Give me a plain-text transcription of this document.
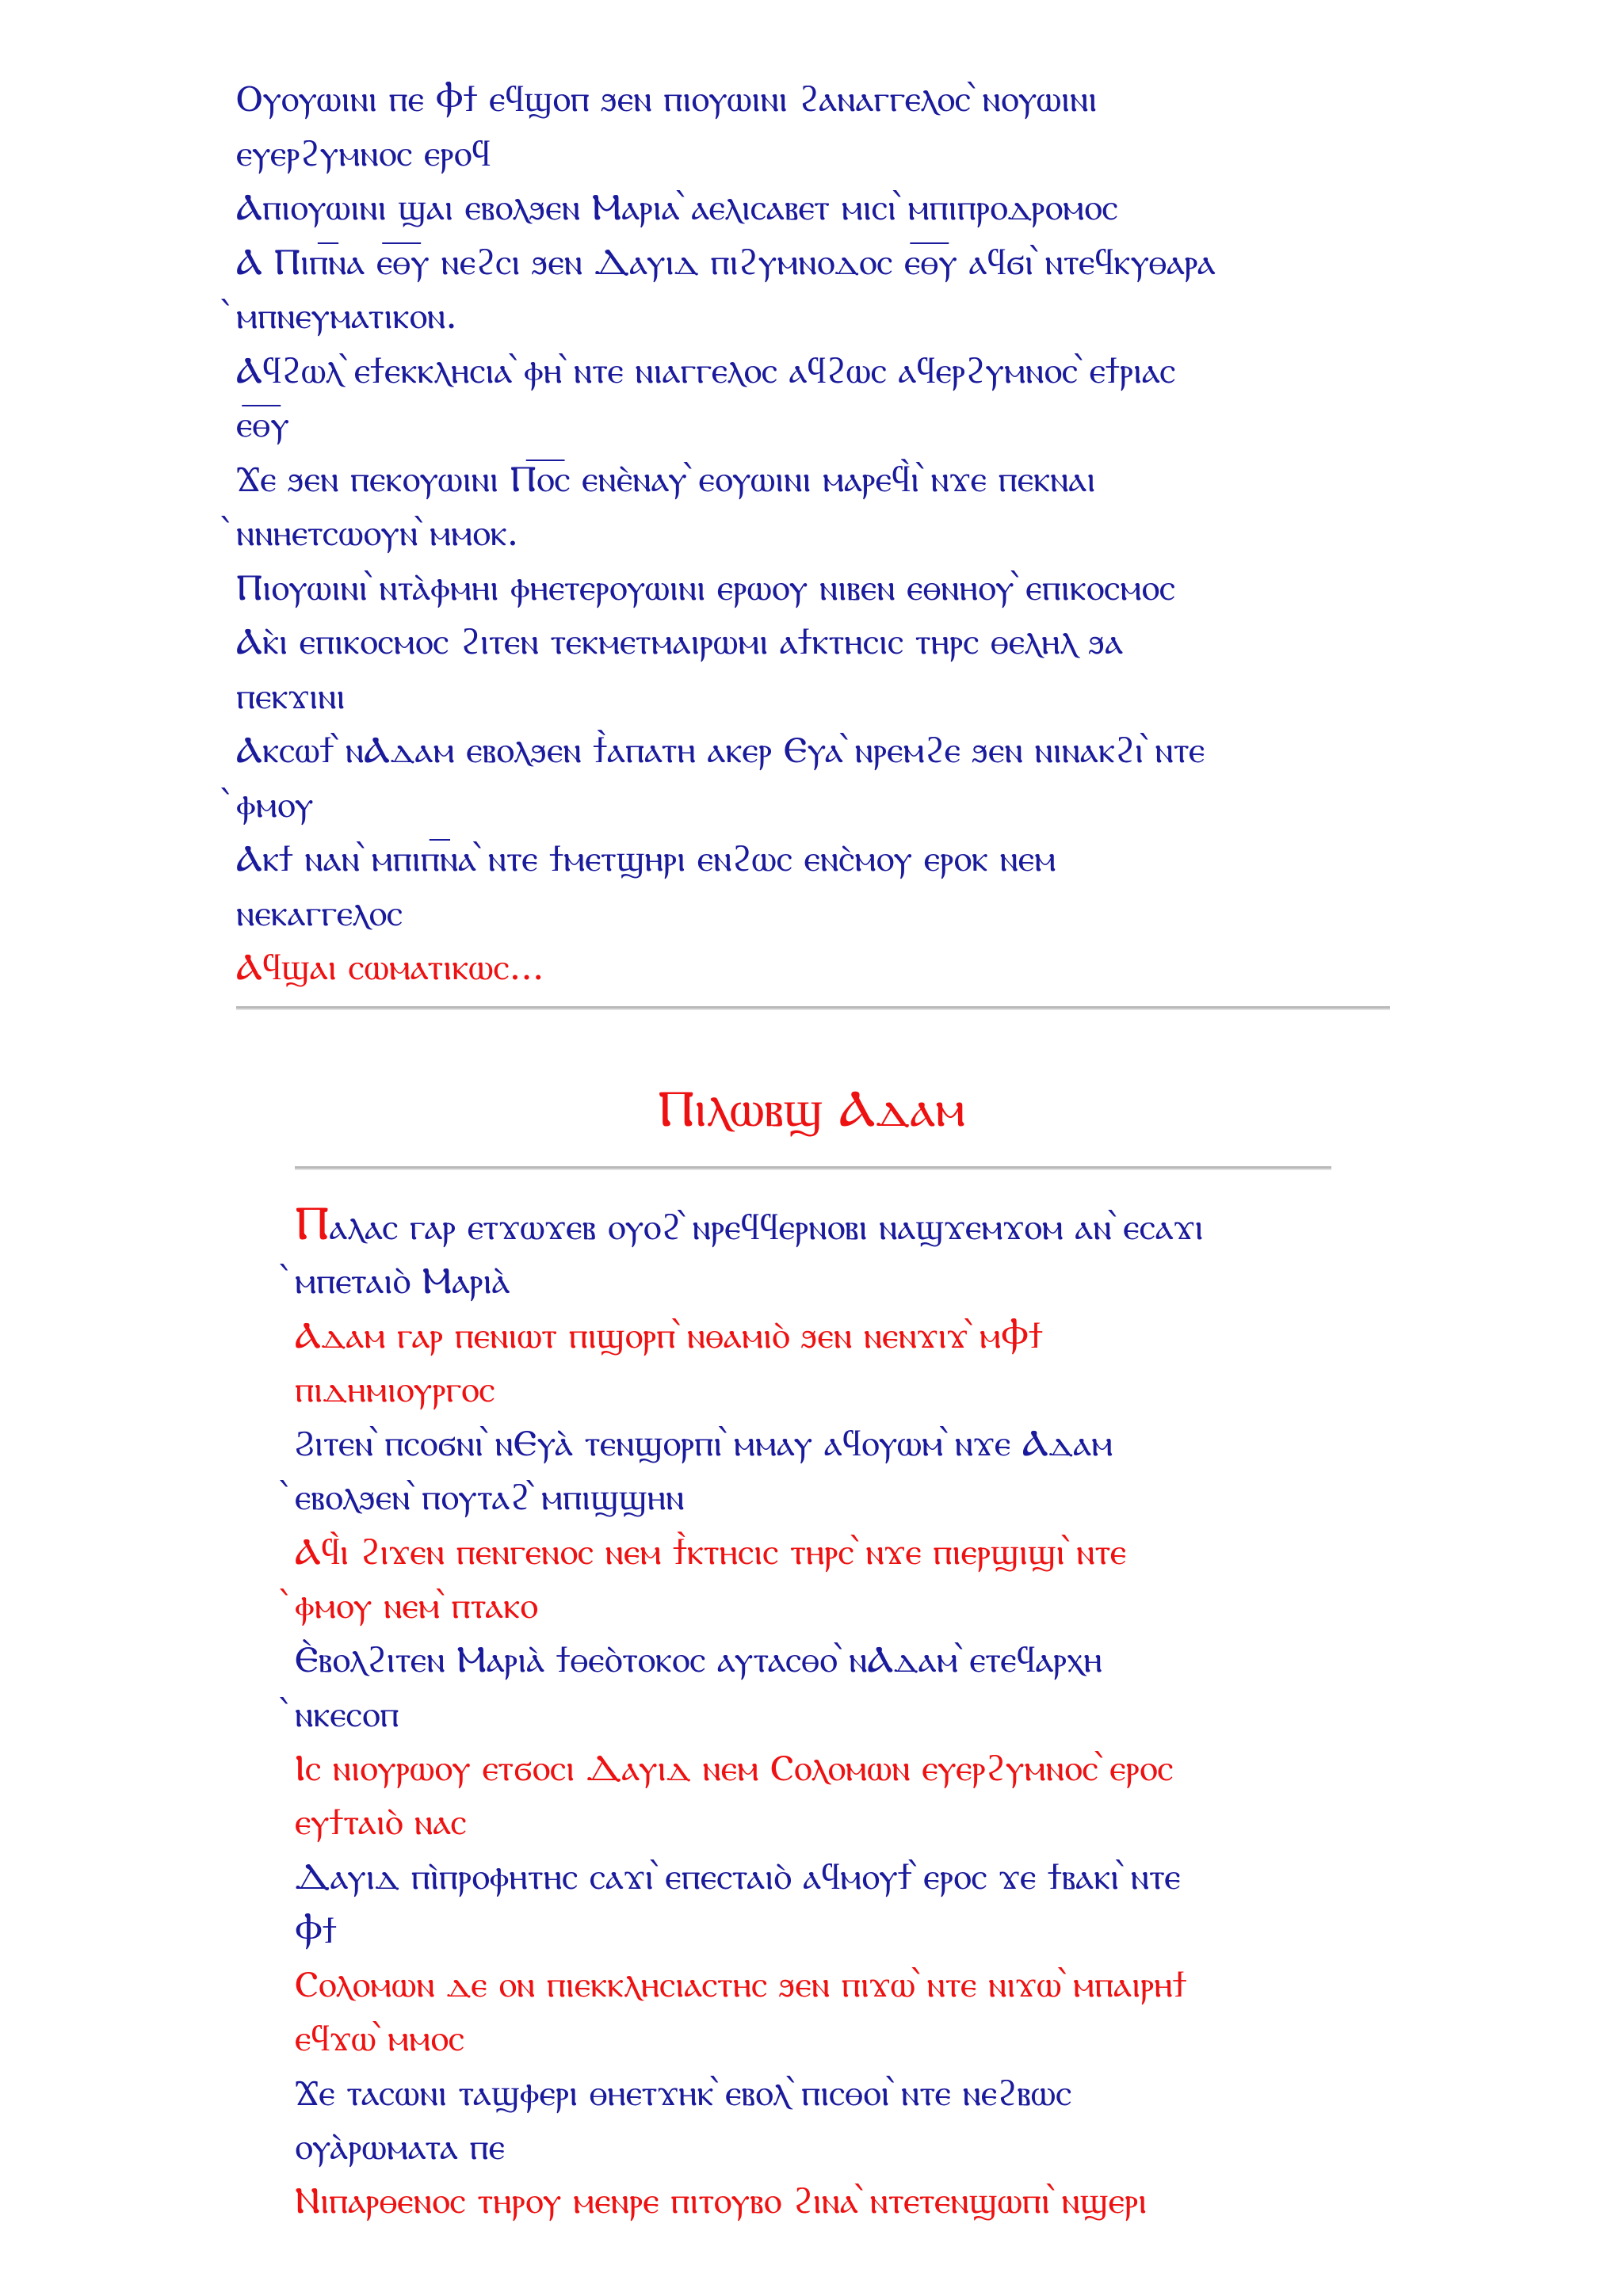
Ⲟⲩⲟⲩⲱⲓⲛⲓ ⲡⲉ Ⲫϯ ⲉϥϣⲟⲡ ϧⲉⲛ ⲡⲓⲟⲩⲱⲓⲛⲓ ϩⲁⲛⲁⲅⲅⲉⲗⲟⲥ ̀ⲛⲟⲩⲱⲓⲛⲓ
ⲉⲩⲉⲣϩⲩⲙⲛⲟⲥ ⲉⲣⲟϥ
Ⲁⲡⲓⲟⲩⲱⲓⲛⲓ ϣⲁⲓ ⲉⲃⲟⲗϧⲉⲛ Ⲙⲁⲣⲓⲁ ̀ⲁⲉⲗⲓⲥⲁⲃⲉⲧ ⲙⲓⲥⲓ ̀ⲙⲡⲓⲡⲣⲟⲇⲣⲟⲙⲟⲥ
Ⲁ Ⲡⲓⲡ͞ⲛⲁ ⲉ͞ⲑ͞ⲩ ⲛⲉϩⲥⲓ ϧⲉⲛ Ⲇⲁⲩⲓⲇ ⲡⲓϩⲩⲙⲛⲟⲇⲟⲥ ⲉ͞ⲑ͞ⲩ ⲁϥϭⲓ ̀ⲛⲧⲉϥⲕⲩⲑⲁⲣⲁ
̀ⲙⲡⲛⲉⲩⲙⲁⲧⲓⲕⲟⲛ.
Ⲁϥϩⲱⲗ ̀ⲉϯⲉⲕⲕⲗⲏⲥⲓⲁ ̀ⲫⲏ ̀ⲛⲧⲉ ⲛⲓⲁⲅⲅⲉⲗⲟⲥ ⲁϥϩⲱⲥ ⲁϥⲉⲣϩⲩⲙⲛⲟⲥ ̀ⲉϯⲣⲓⲁⲥ
ⲉ͞ⲑ͞ⲩ
Ϫⲉ ϧⲉⲛ ⲡⲉⲕⲟⲩⲱⲓⲛⲓ Ⲡ͞ⲟ͞ⲥ ⲉⲛⲉ̀ⲛⲁⲩ ̀ⲉⲟⲩⲱⲓⲛⲓ ⲙⲁⲣⲉϥ̀ⲓ ̀ⲛϫⲉ ⲡⲉⲕⲛⲁⲓ
̀ⲛⲛⲏⲉⲧⲥⲱⲟⲩⲛ ̀ⲙⲙⲟⲕ.
Ⲡⲓⲟⲩⲱⲓⲛⲓ ̀ⲛⲧⲁ̀ⲫⲙⲏⲓ ⲫⲏⲉⲧⲉⲣⲟⲩⲱⲓⲛⲓ ⲉⲣⲱⲟⲩ ⲛⲓⲃⲉⲛ ⲉⲑⲛⲏⲟⲩ ̀ⲉⲡⲓⲕⲟⲥⲙⲟⲥ
Ⲁⲕ̀ⲓ ⲉⲡⲓⲕⲟⲥⲙⲟⲥ ϩⲓⲧⲉⲛ ⲧⲉⲕⲙⲉⲧⲙⲁⲓⲣⲱⲙⲓ ⲁϯⲕⲧⲏⲥⲓⲥ ⲧⲏⲣⲥ ⲑⲉⲗⲏⲗ ϧⲁ
ⲡⲉⲕϫⲓⲛⲓ
Ⲁⲕⲥⲱϯ ̀ⲛⲀⲇⲁⲙ ⲉⲃⲟⲗϧⲉⲛ ϯ̀ⲁⲡⲁⲧⲏ ⲁⲕⲉⲣ Ⲉⲩⲁ ̀ⲛⲣⲉⲙϩⲉ ϧⲉⲛ ⲛⲓⲛⲁⲕϩⲓ ̀ⲛⲧⲉ
̀ⲫⲙⲟⲩ
Ⲁⲕϯ ⲛⲁⲛ ̀ⲙⲡⲓⲡ͞ⲛⲁ ̀ⲛⲧⲉ ϯⲙⲉⲧϣⲏⲣⲓ ⲉⲛϩⲱⲥ ⲉⲛⲥ̀ⲙⲟⲩ ⲉⲣⲟⲕ ⲛⲉⲙ
ⲛⲉⲕⲁⲅⲅⲉⲗⲟⲥ
Ⲁϥϣⲁⲓ ⲥⲱⲙⲁⲧⲓⲕⲱⲥ...
Ⲡⲓⲗⲱⲃϣ Ⲁⲇⲁⲙ
Ⲡⲁⲗⲁⲥ ⲅⲁⲣ ⲉⲧϫⲱϫⲉⲃ ⲟⲩⲟϩ ̀ⲛⲣⲉϥϥⲉⲣⲛⲟⲃⲓ ⲛⲁϣϫⲉⲙϫⲟⲙ ⲁⲛ ̀ⲉⲥⲁϫⲓ
̀ⲙⲡⲉⲧⲁⲓⲟ̀ Ⲙⲁⲣⲓⲁ̀
Ⲁⲇⲁⲙ ⲅⲁⲣ ⲡⲉⲛⲓⲱⲧ ⲡⲓϣⲟⲣⲡ ̀ⲛⲑⲁⲙⲓⲟ̀ ϧⲉⲛ ⲛⲉⲛϫⲓϫ ̀ⲙⲪϯ
ⲡⲓⲇⲏⲙⲓⲟⲩⲣⲅⲟⲥ
Ϩⲓⲧⲉⲛ ̀ⲡⲥⲟϭⲛⲓ ̀ⲛⲈⲩⲁ̀ ⲧⲉⲛϣⲟⲣⲡⲓ ̀ⲙⲙⲁⲩ ⲁϥⲟⲩⲱⲙ ̀ⲛϫⲉ Ⲁⲇⲁⲙ
̀ⲉⲃⲟⲗϧⲉⲛ ̀ⲡⲟⲩⲧⲁϩ ̀ⲙⲡⲓϣϣⲏⲛ
Ⲁϥ̀ⲓ ϩⲓϫⲉⲛ ⲡⲉⲛⲅⲉⲛⲟⲥ ⲛⲉⲙ ϯ̀ⲕⲧⲏⲥⲓⲥ ⲧⲏⲣⲥ ̀ⲛϫⲉ ⲡⲓⲉⲣϣⲓϣⲓ ̀ⲛⲧⲉ
̀ⲫⲙⲟⲩ ⲛⲉⲙ ̀ⲡⲧⲁⲕⲟ
Ⲉ̀ⲃⲟⲗϩⲓⲧⲉⲛ Ⲙⲁⲣⲓⲁ̀ ϯⲑⲉⲟ̀ⲧⲟⲕⲟⲥ ⲁⲩⲧⲁⲥⲑⲟ ̀ⲛⲀⲇⲁⲙ ̀ⲉⲧⲉϥⲁⲣⲭⲏ
̀ⲛⲕⲉⲥⲟⲡ
Ⲓⲥ ⲛⲓⲟⲩⲣⲱⲟⲩ ⲉⲧϭⲟⲥⲓ Ⲇⲁⲩⲓⲇ ⲛⲉⲙ Ⲥⲟⲗⲟⲙⲱⲛ ⲉⲩⲉⲣϩⲩⲙⲛⲟⲥ ̀ⲉⲣⲟⲥ
ⲉⲩϯⲧⲁⲓⲟ̀ ⲛⲁⲥ
Ⲇⲁⲩⲓⲇ ⲡⲓ̀ⲡⲣⲟⲫⲏⲧⲏⲥ ⲥⲁϫⲓ ̀ⲉⲡⲉⲥⲧⲁⲓⲟ̀ ⲁϥⲙⲟⲩϯ ̀ⲉⲣⲟⲥ ϫⲉ ϯⲃⲁⲕⲓ ̀ⲛⲧⲉ
Ⲫϯ
Ⲥⲟⲗⲟⲙⲱⲛ ⲇⲉ ⲟⲛ ⲡⲓⲉⲕⲕⲗⲏⲥⲓⲁⲥⲧⲏⲥ ϧⲉⲛ ⲡⲓϫⲱ ̀ⲛⲧⲉ ⲛⲓϫⲱ ̀ⲙⲡⲁⲓⲣⲏϯ
ⲉϥϫⲱ ̀ⲙⲙⲟⲥ
Ϫⲉ ⲧⲁⲥⲱⲛⲓ ⲧⲁϣⲫⲉⲣⲓ ⲑⲏⲉⲧϫⲏⲕ ̀ⲉⲃⲟⲗ ̀ⲡⲓⲥⲑⲟⲓ ̀ⲛⲧⲉ ⲛⲉϩⲃⲱⲥ
ⲟⲩⲁ̀ⲣⲱⲙⲁⲧⲁ ⲡⲉ
Ⲛⲓⲡⲁⲣⲑⲉⲛⲟⲥ ⲧⲏⲣⲟⲩ ⲙⲉⲛⲣⲉ ⲡⲓⲧⲟⲩⲃⲟ ϩⲓⲛⲁ ̀ⲛⲧⲉⲧⲉⲛϣⲱⲡⲓ ̀ⲛϣⲉⲣⲓ
